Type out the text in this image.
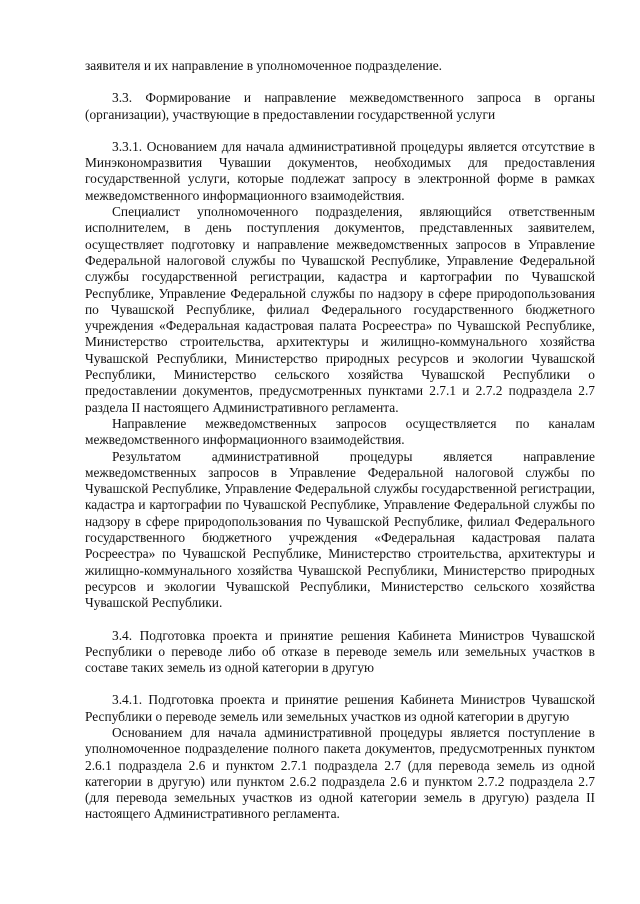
заявителя и их направление в уполномоченное подразделение.

3.3. Формирование и направление межведомственного запроса в органы (организации), участвующие в предоставлении государственной услуги

3.3.1. Основанием для начала административной процедуры является отсутствие в Минэкономразвития Чувашии документов, необходимых для предоставления государственной услуги, которые подлежат запросу в электронной форме в рамках межведомственного информационного взаимодействия.

Специалист уполномоченного подразделения, являющийся ответственным исполнителем, в день поступления документов, представленных заявителем, осуществляет подготовку и направление межведомственных запросов в Управление Федеральной налоговой службы по Чувашской Республике, Управление Федеральной службы государственной регистрации, кадастра и картографии по Чувашской Республике, Управление Федеральной службы по надзору в сфере природопользования по Чувашской Республике, филиал Федерального государственного бюджетного учреждения «Федеральная кадастровая палата Росреестра» по Чувашской Республике, Министерство строительства, архитектуры и жилищно-коммунального хозяйства Чувашской Республики, Министерство природных ресурсов и экологии Чувашской Республики, Министерство сельского хозяйства Чувашской Республики о предоставлении документов, предусмотренных пунктами 2.7.1 и 2.7.2 подраздела 2.7 раздела II настоящего Административного регламента.

Направление межведомственных запросов осуществляется по каналам межведомственного информационного взаимодействия.

Результатом административной процедуры является направление межведомственных запросов в Управление Федеральной налоговой службы по Чувашской Республике, Управление Федеральной службы государственной регистрации, кадастра и картографии по Чувашской Республике, Управление Федеральной службы по надзору в сфере природопользования по Чувашской Республике, филиал Федерального государственного бюджетного учреждения «Федеральная кадастровая палата Росреестра» по Чувашской Республике, Министерство строительства, архитектуры и жилищно-коммунального хозяйства Чувашской Республики, Министерство природных ресурсов и экологии Чувашской Республики, Министерство сельского хозяйства Чувашской Республики.

3.4. Подготовка проекта и принятие решения Кабинета Министров Чувашской Республики о переводе либо об отказе в переводе земель или земельных участков в составе таких земель из одной категории в другую

3.4.1. Подготовка проекта и принятие решения Кабинета Министров Чувашской Республики о переводе земель или земельных участков из одной категории в другую

Основанием для начала административной процедуры является поступление в уполномоченное подразделение полного пакета документов, предусмотренных пунктом 2.6.1 подраздела 2.6 и пунктом 2.7.1 подраздела 2.7 (для перевода земель из одной категории в другую) или пунктом 2.6.2 подраздела 2.6 и пунктом 2.7.2 подраздела 2.7 (для перевода земельных участков из одной категории земель в другую) раздела II настоящего Административного регламента.
